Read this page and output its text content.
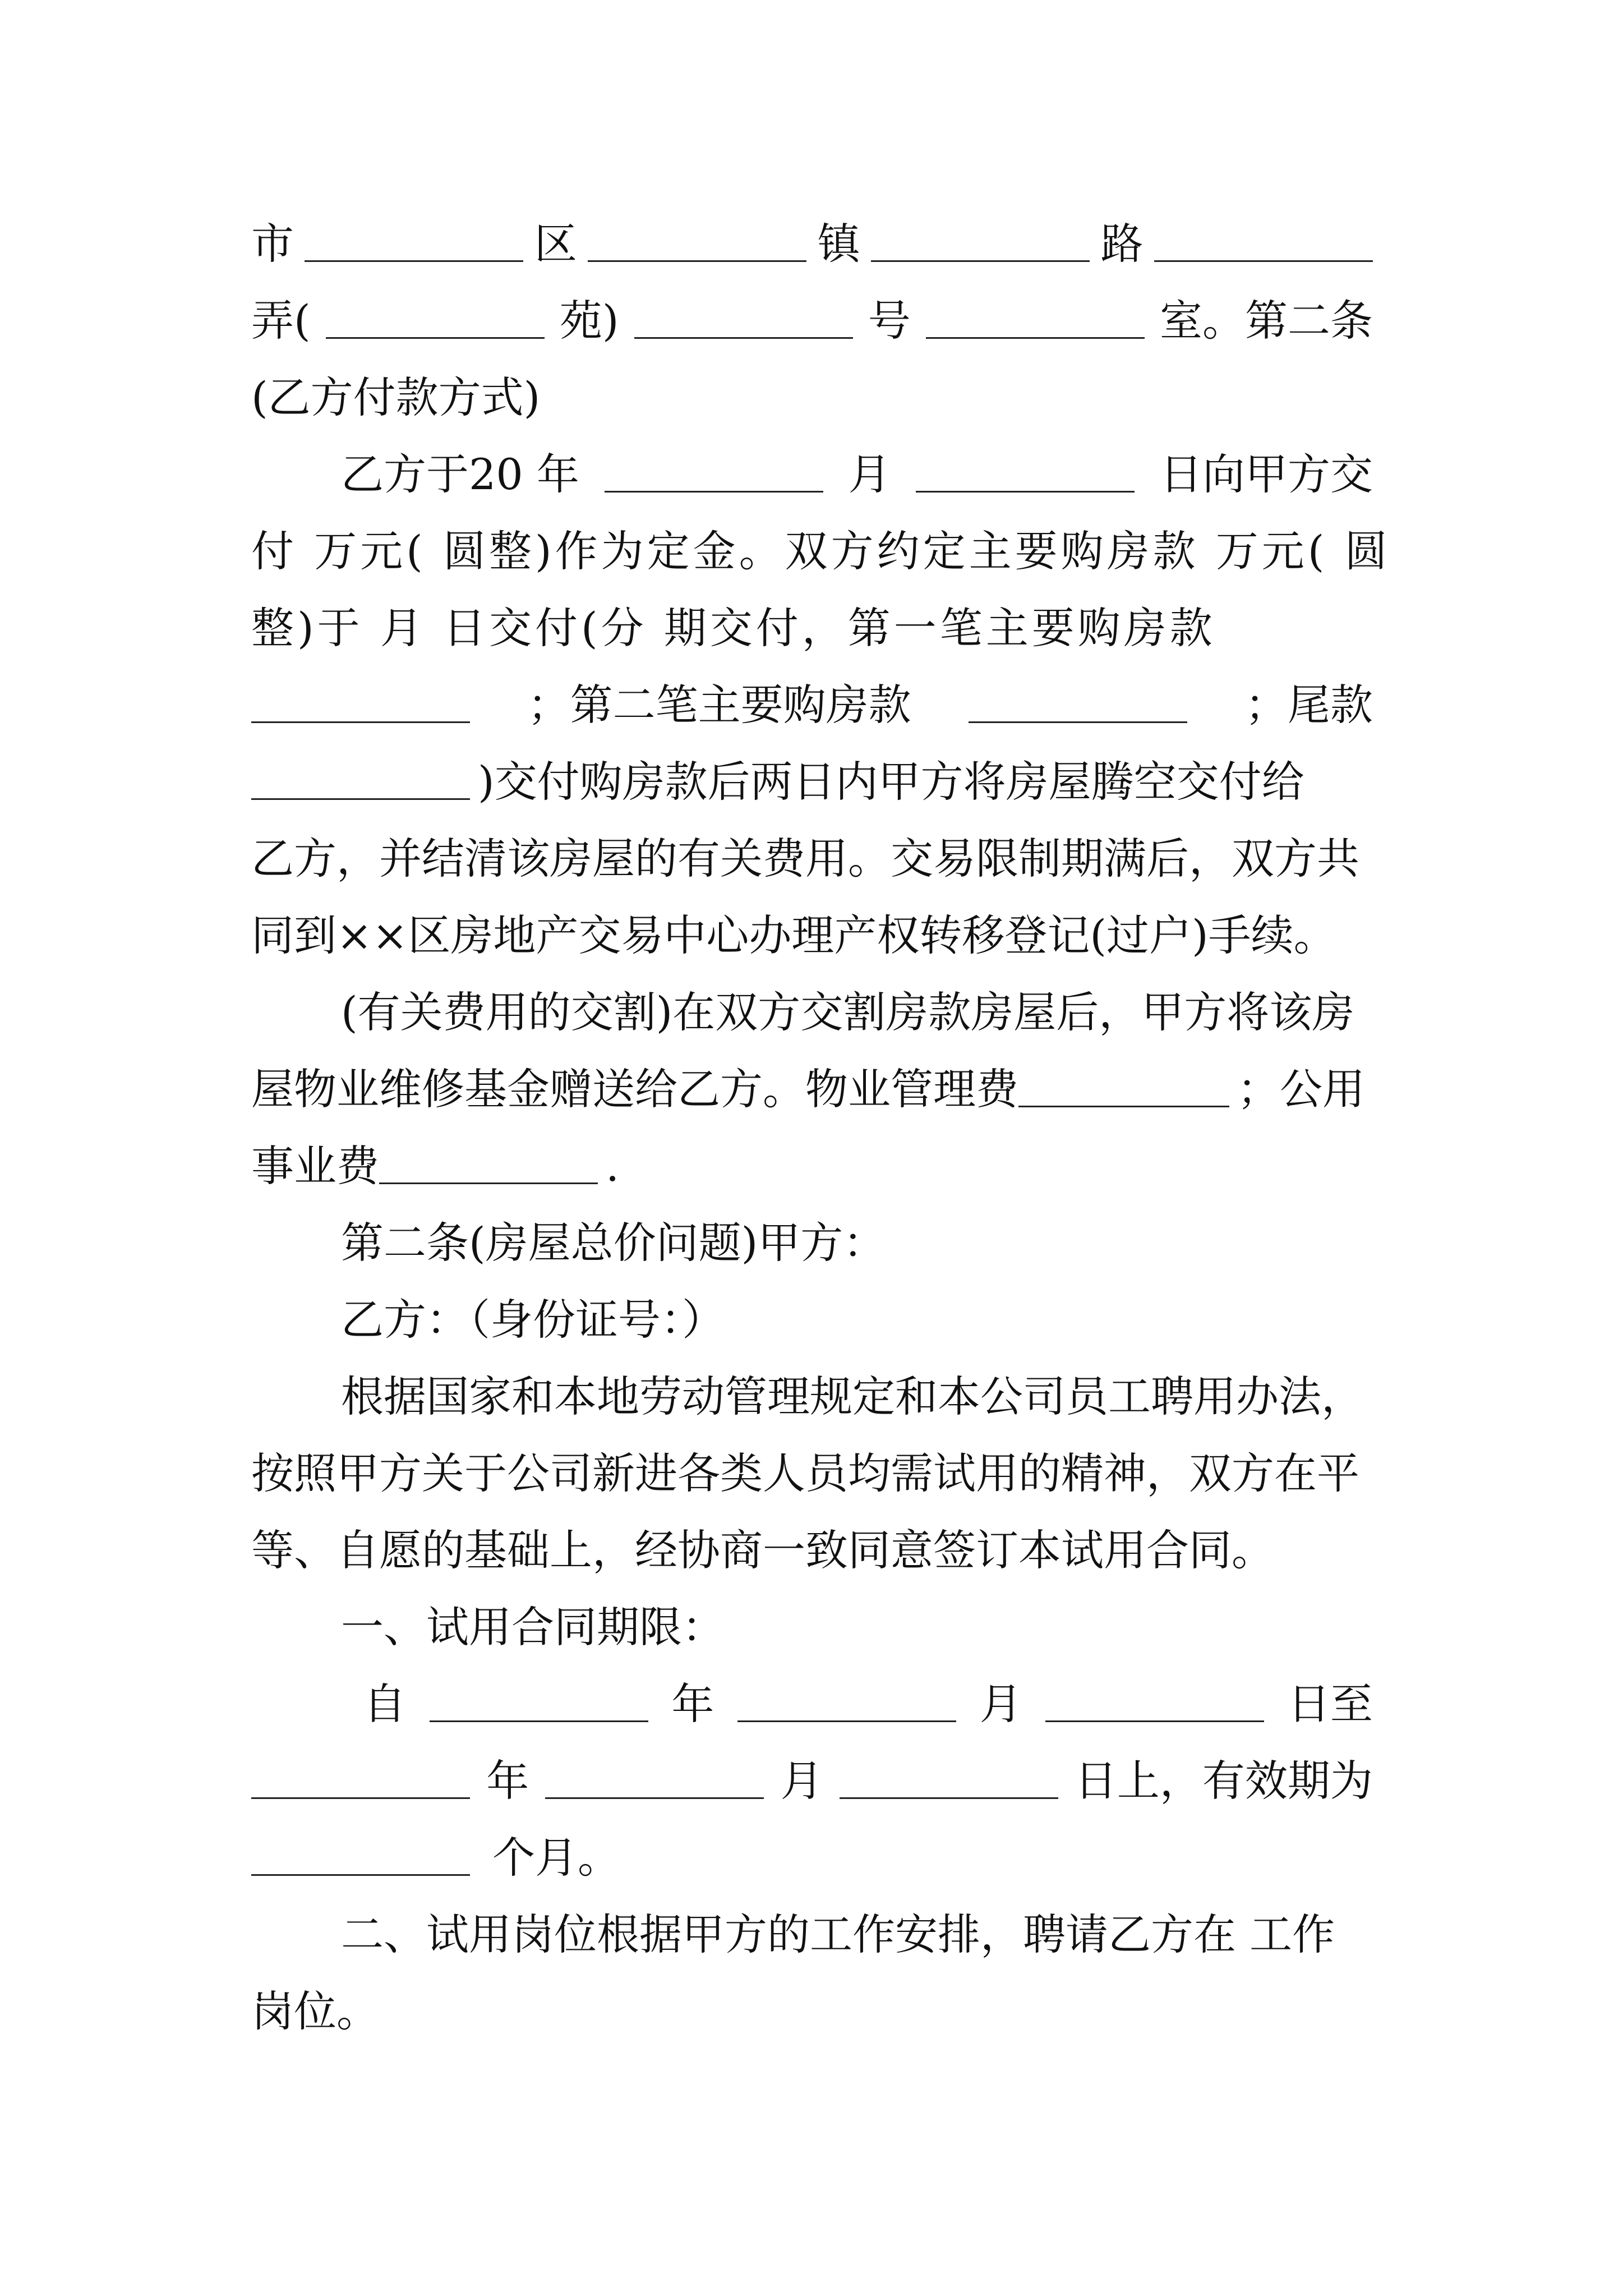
市	区	镇	路
弄(	苑)	号	室。第二条
(乙方付款方式)
乙方于20 年	月	日向甲方交
付 万元( 圆整)作为定金。双方约定主要购房款 万元( 圆
整)于 月 日交付(分 期交付，第一笔主要购房款
；第二笔主要购房款	；尾款
)交付购房款后两日内甲方将房屋腾空交付给
乙方，并结清该房屋的有关费用。交易限制期满后，双方共
同到××区房地产交易中心办理产权转移登记(过户)手续。
(有关费用的交割)在双方交割房款房屋后，甲方将该房
屋物业维修基金赠送给乙方。物业管理费	；公用
事业费	.
第二条(房屋总价问题)甲方：
乙方：（身份证号：）
根据国家和本地劳动管理规定和本公司员工聘用办法，
按照甲方关于公司新进各类人员均需试用的精神，双方在平
等、自愿的基础上，经协商一致同意签订本试用合同。
一、试用合同期限：
自	年	月	日至
年	月	日上，有效期为
个月。
二、试用岗位根据甲方的工作安排，聘请乙方在 工作
岗位。
